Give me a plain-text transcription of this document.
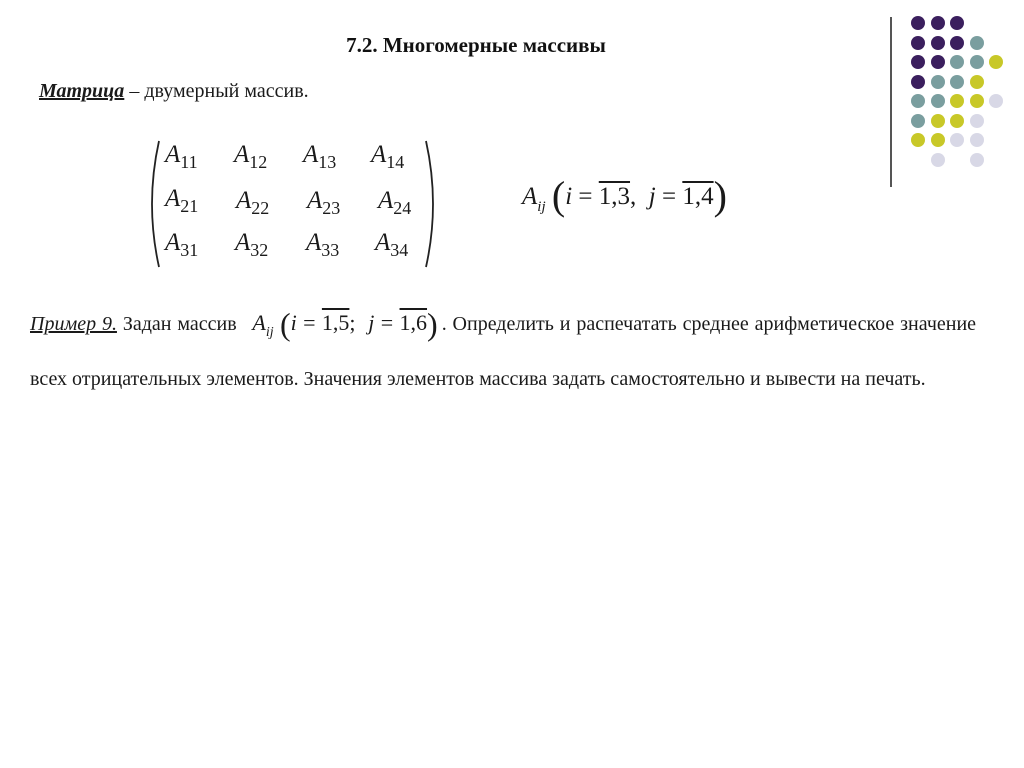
7.2. Многомерные массивы
Матрица – двумерный массив.
$A_{11}$ $A_{12}$ $A_{13}$ $A_{14}$
$A_{21}$ $A_{22}$ $A_{23}$ $A_{24}$
$A_{31}$ $A_{32}$ $A_{33}$ $A_{34}$
$A_{ij}$ (i = 1,3, j = 1,4)
Пример 9. Задан массив $A_{ij}$ (i = 1,5; j = 1,6) . Определить и распечатать среднее арифметическое значение всех отрицательных элементов. Значения элементов массива задать самостоятельно и вывести на печать.
